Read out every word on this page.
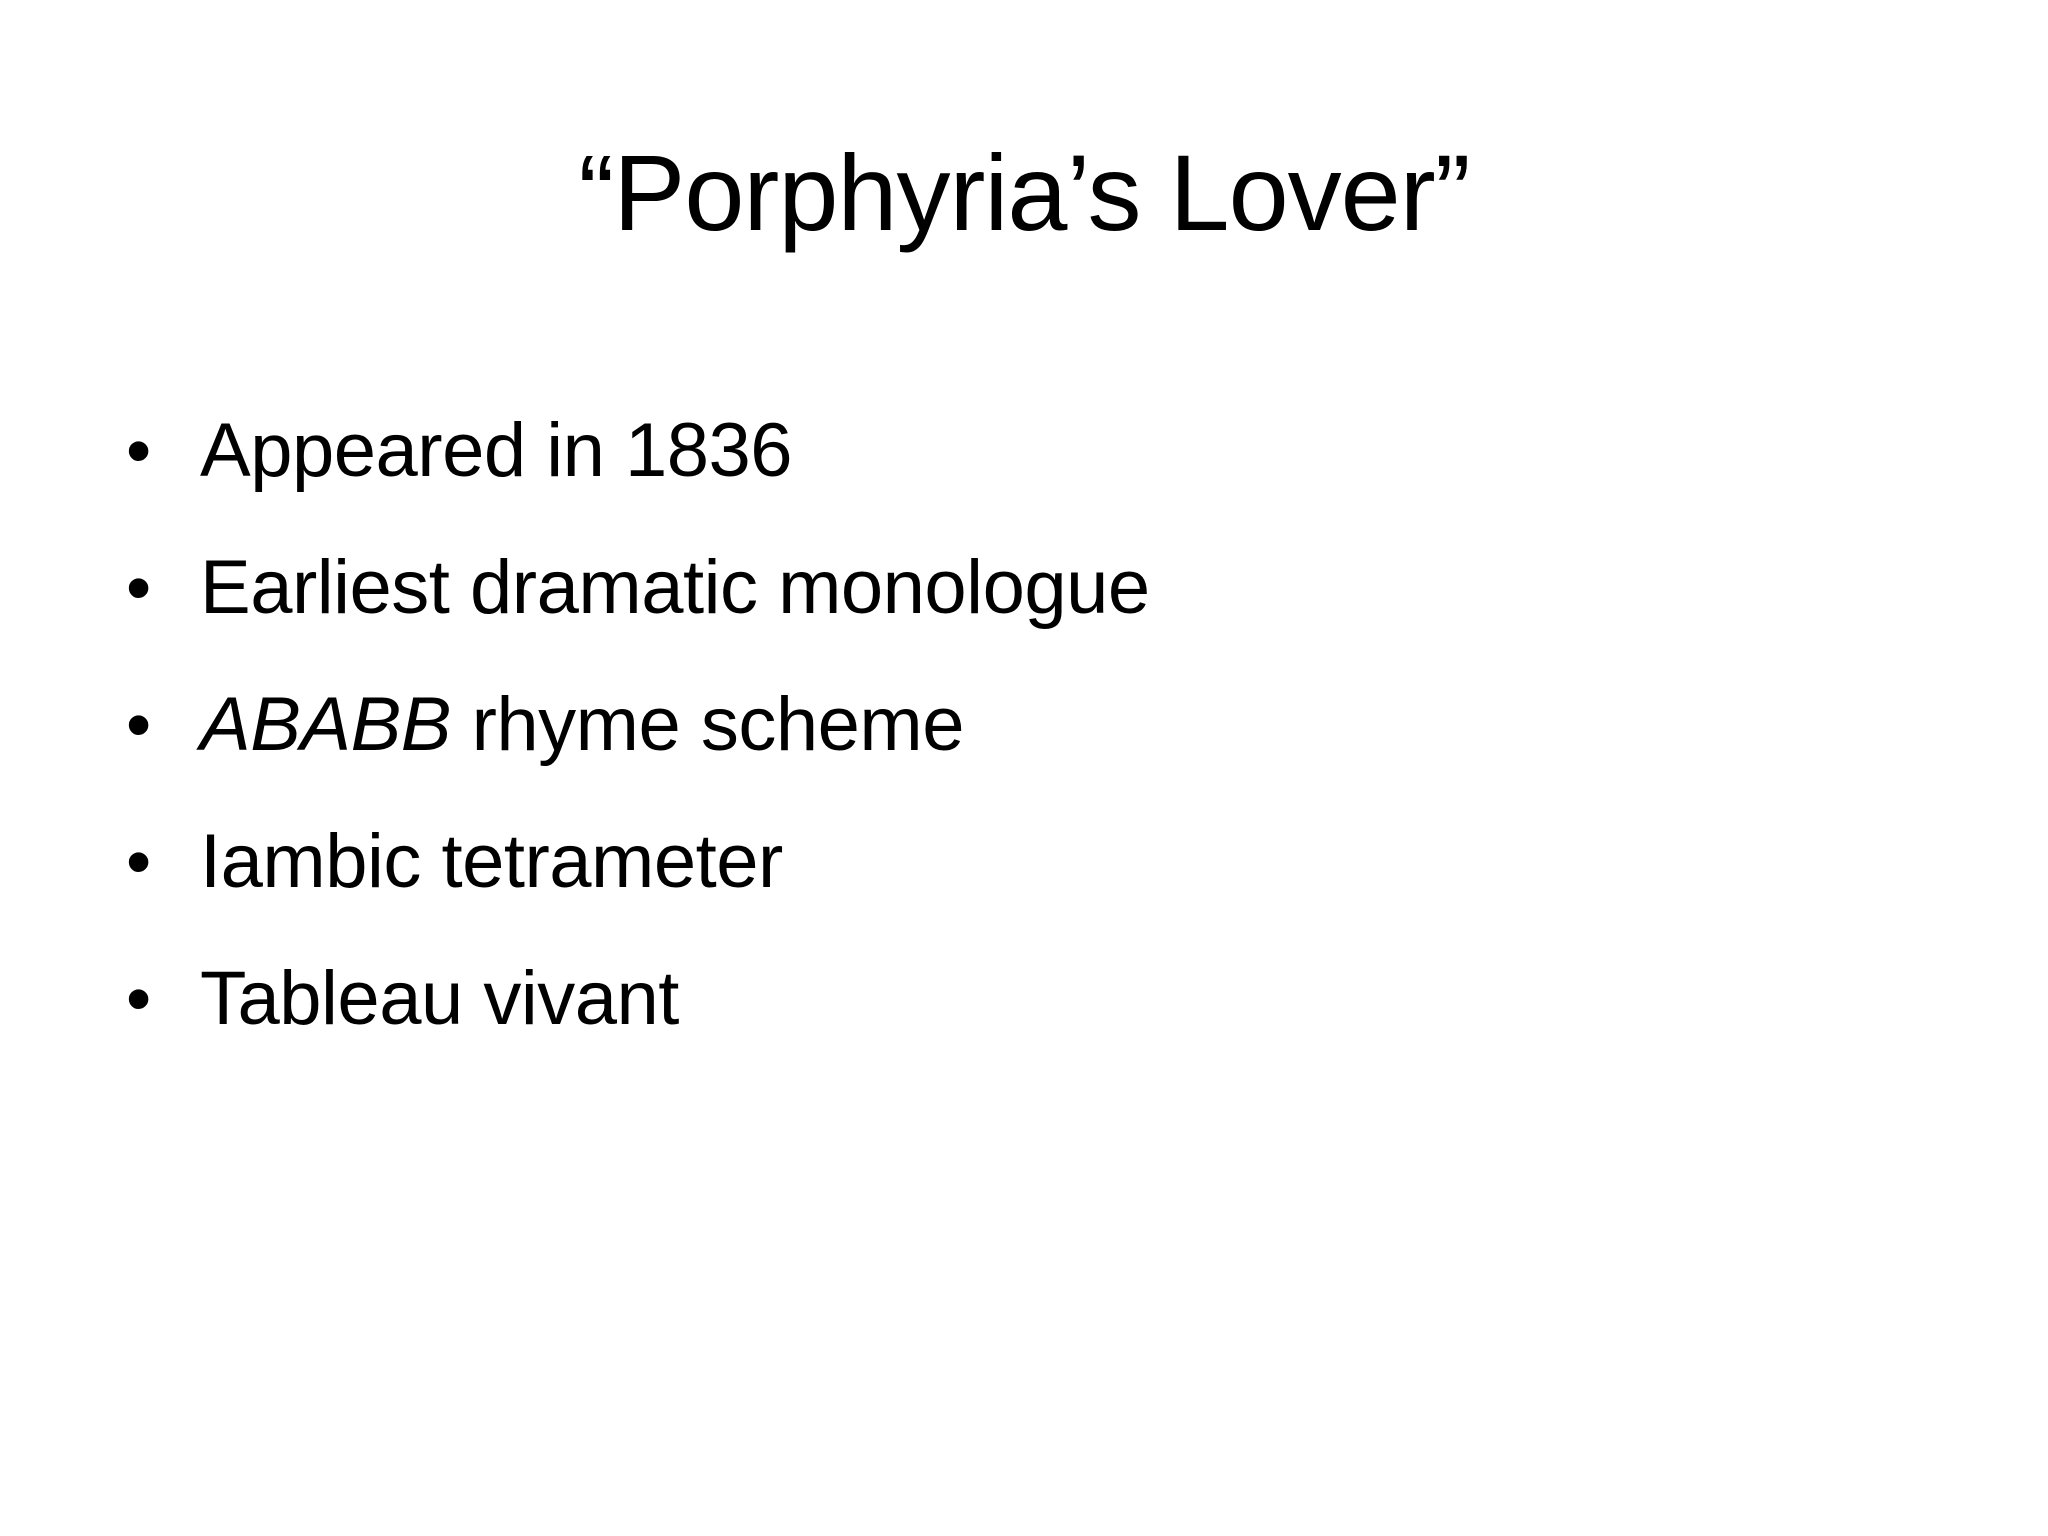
“Porphyria’s Lover”
• Appeared in 1836
• Earliest dramatic monologue
• ABABB rhyme scheme
• Iambic tetrameter
• Tableau vivant
